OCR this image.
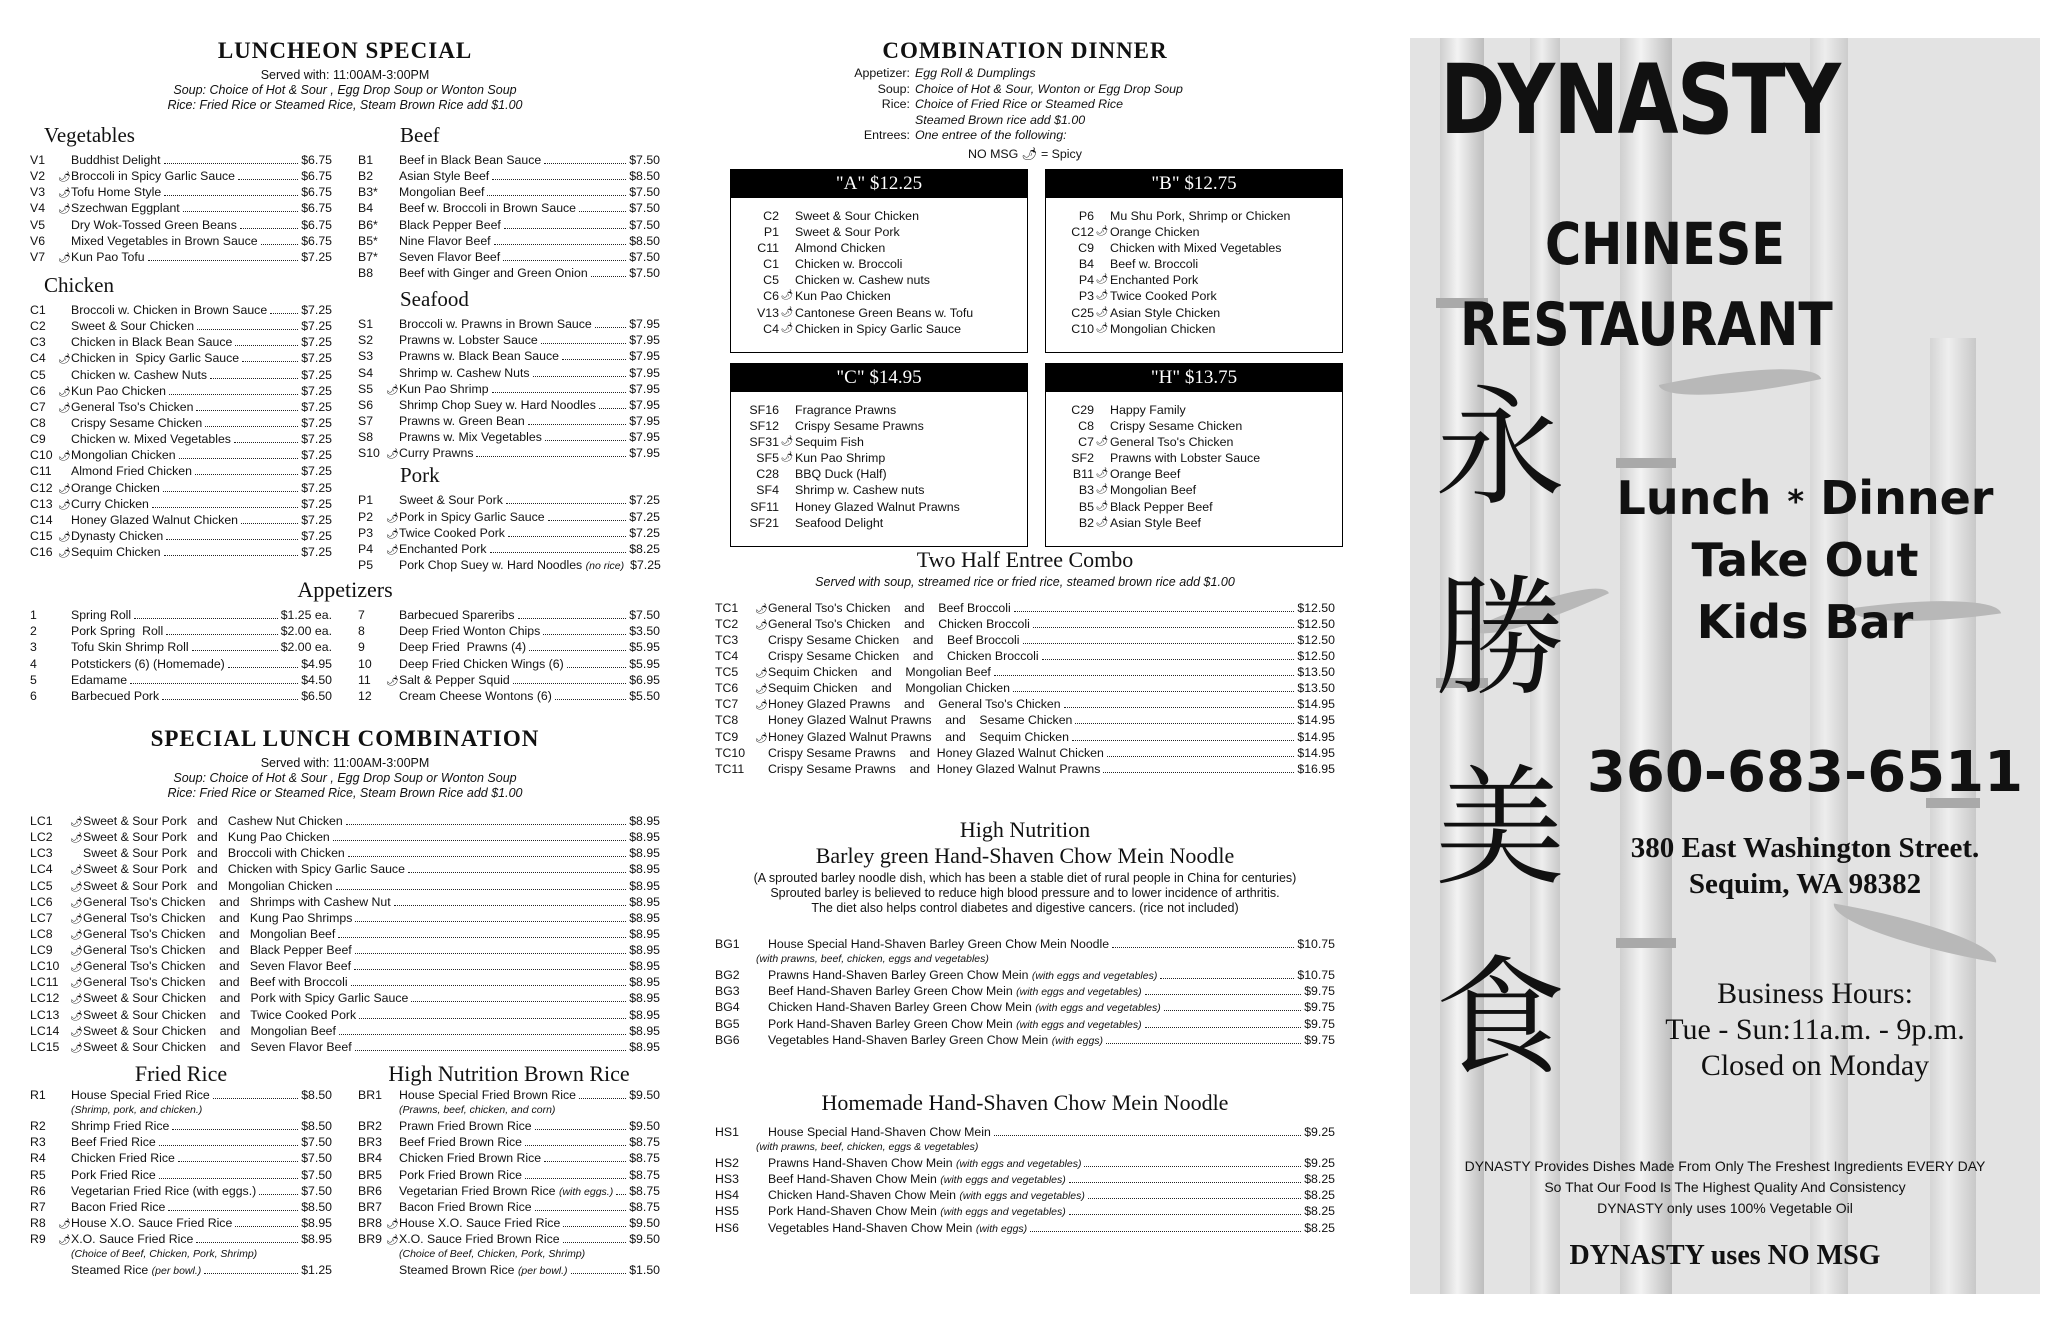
LUNCHEON SPECIAL
Served with: 11:00AM-3:00PM
Soup: Choice of Hot & Sour , Egg Drop Soup or Wonton Soup
Rice: Fried Rice or Steamed Rice, Steam Brown Rice add $1.00
Vegetables
V1	Buddhist Delight	$6.75
V2	🌶︎ Broccoli in Spicy Garlic Sauce	$6.75
V3	🌶︎ Tofu Home Style	$6.75
V4	🌶︎ Szechwan Eggplant	$6.75
V5	Dry Wok-Tossed Green Beans	$6.75
V6	Mixed Vegetables in Brown Sauce	$6.75
V7	🌶︎ Kun Pao Tofu	$7.25
Chicken
C1	Broccoli w. Chicken in Brown Sauce	$7.25
C2	Sweet & Sour Chicken	$7.25
C3	Chicken in Black Bean Sauce	$7.25
C4	🌶︎ Chicken in  Spicy Garlic Sauce	$7.25
C5	Chicken w. Cashew Nuts	$7.25
C6	🌶︎ Kun Pao Chicken	$7.25
C7	🌶︎ General Tso's Chicken	$7.25
C8	Crispy Sesame Chicken	$7.25
C9	Chicken w. Mixed Vegetables	$7.25
C10 🌶︎ Mongolian Chicken	$7.25
C11	Almond Fried Chicken	$7.25
C12 🌶︎ Orange Chicken	$7.25
C13 🌶︎ Curry Chicken	$7.25
C14	Honey Glazed Walnut Chicken	$7.25
C15 🌶︎ Dynasty Chicken	$7.25
C16 🌶︎ Sequim Chicken	$7.25
Beef
B1	Beef in Black Bean Sauce	$7.50
B2	Asian Style Beef	$8.50
B3*	Mongolian Beef	$7.50
B4	Beef w. Broccoli in Brown Sauce	$7.50
B6*	Black Pepper Beef	$7.50
B5*	Nine Flavor Beef	$8.50
B7*	Seven Flavor Beef	$7.50
B8	Beef with Ginger and Green Onion	$7.50
Seafood
S1	Broccoli w. Prawns in Brown Sauce	$7.95
S2	Prawns w. Lobster Sauce	$7.95
S3	Prawns w. Black Bean Sauce	$7.95
S4	Shrimp w. Cashew Nuts	$7.95
S5	🌶︎ Kun Pao Shrimp	$7.95
S6	Shrimp Chop Suey w. Hard Noodles	$7.95
S7	Prawns w. Green Bean	$7.95
S8	Prawns w. Mix Vegetables	$7.95
S10 🌶︎ Curry Prawns	$7.95
Pork
P1	Sweet & Sour Pork	$7.25
P2	🌶︎ Pork in Spicy Garlic Sauce	$7.25
P3	🌶︎ Twice Cooked Pork	$7.25
P4	🌶︎ Enchanted Pork	$8.25
P5	Pork Chop Suey w. Hard Noodles (no rice) $7.25
Appetizers
1	Spring Roll	$1.25 ea.
2	Pork Spring  Roll	$2.00 ea.
3	Tofu Skin Shrimp Roll	$2.00 ea.
4	Potstickers (6) (Homemade)	$4.95
5	Edamame	$4.50
6	Barbecued Pork	$6.50
7	Barbecued Spareribs	$7.50
8	Deep Fried Wonton Chips	$3.50
9	Deep Fried  Prawns (4)	$5.95
10	Deep Fried Chicken Wings (6)	$5.95
11	🌶︎ Salt & Pepper Squid	$6.95
12	Cream Cheese Wontons (6)	$5.50
SPECIAL LUNCH COMBINATION
Served with: 11:00AM-3:00PM
Soup: Choice of Hot & Sour , Egg Drop Soup or Wonton Soup
Rice: Fried Rice or Steamed Rice, Steam Brown Rice add $1.00
LC1	🌶︎ Sweet & Sour Pork   and   Cashew Nut Chicken	$8.95
LC2	🌶︎ Sweet & Sour Pork   and   Kung Pao Chicken	$8.95
LC3	Sweet & Sour Pork   and   Broccoli with Chicken	$8.95
LC4	🌶︎ Sweet & Sour Pork   and   Chicken with Spicy Garlic Sauce	$8.95
LC5	🌶︎ Sweet & Sour Pork   and   Mongolian Chicken	$8.95
LC6	🌶︎ General Tso's Chicken    and   Shrimps with Cashew Nut	$8.95
LC7	🌶︎ General Tso's Chicken    and   Kung Pao Shrimps	$8.95
LC8	🌶︎ General Tso's Chicken    and   Mongolian Beef	$8.95
LC9	🌶︎ General Tso's Chicken    and   Black Pepper Beef	$8.95
LC10	🌶︎ General Tso's Chicken    and   Seven Flavor Beef	$8.95
LC11	🌶︎ General Tso's Chicken    and   Beef with Broccoli	$8.95
LC12	🌶︎ Sweet & Sour Chicken    and   Pork with Spicy Garlic Sauce	$8.95
LC13	🌶︎ Sweet & Sour Chicken    and   Twice Cooked Pork	$8.95
LC14	🌶︎ Sweet & Sour Chicken    and   Mongolian Beef	$8.95
LC15	🌶︎ Sweet & Sour Chicken    and   Seven Flavor Beef	$8.95
Fried Rice
R1	House Special Fried Rice	$8.50
(Shrimp, pork, and chicken.)
R2	Shrimp Fried Rice	$8.50
R3	Beef Fried Rice	$7.50
R4	Chicken Fried Rice	$7.50
R5	Pork Fried Rice	$7.50
R6	Vegetarian Fried Rice (with eggs.)	$7.50
R7	Bacon Fried Rice	$8.50
R8	🌶︎ House X.O. Sauce Fried Rice	$8.95
R9	🌶︎ X.O. Sauce Fried Rice	$8.95
(Choice of Beef, Chicken, Pork, Shrimp)
Steamed Rice (per bowl.)	$1.25
High Nutrition Brown Rice
BR1	House Special Fried Brown Rice	$9.50
(Prawns, beef, chicken, and corn)
BR2	Prawn Fried Brown Rice	$9.50
BR3	Beef Fried Brown Rice	$8.75
BR4	Chicken Fried Brown Rice	$8.75
BR5	Pork Fried Brown Rice	$8.75
BR6	Vegetarian Fried Brown Rice (with eggs.) $8.75
BR7	Bacon Fried Brown Rice	$8.75
BR8 🌶︎ House X.O. Sauce Fried Rice	$9.50
BR9 🌶︎ X.O. Sauce Fried Brown Rice	$9.50
(Choice of Beef, Chicken, Pork, Shrimp)
Steamed Brown Rice (per bowl.)	$1.50
COMBINATION DINNER
Appetizer: Egg Roll & Dumplings
Soup: Choice of Hot & Sour, Wonton or Egg Drop Soup
Rice: Choice of Fried Rice or Steamed Rice
Steamed Brown rice add $1.00
Entrees: One entree of the following:
NO MSG 🌶︎ = Spicy
"A" $12.25
C2 Sweet & Sour Chicken
P1 Sweet & Sour Pork
C11 Almond Chicken
C1 Chicken w. Broccoli
C5 Chicken w. Cashew nuts
C6 🌶︎ Kun Pao Chicken
V13 🌶︎ Cantonese Green Beans w. Tofu
C4 🌶︎ Chicken in Spicy Garlic Sauce
"B" $12.75
P6 Mu Shu Pork, Shrimp or Chicken
C12 🌶︎ Orange Chicken
C9 Chicken with Mixed Vegetables
B4 Beef w. Broccoli
P4 🌶︎ Enchanted Pork
P3 🌶︎ Twice Cooked Pork
C25 🌶︎ Asian Style Chicken
C10 🌶︎ Mongolian Chicken
"C" $14.95
SF16 Fragrance Prawns
SF12 Crispy Sesame Prawns
SF31 🌶︎ Sequim Fish
SF5 🌶︎ Kun Pao Shrimp
C28 BBQ Duck (Half)
SF4 Shrimp w. Cashew nuts
SF11 Honey Glazed Walnut Prawns
SF21 Seafood Delight
"H" $13.75
C29 Happy Family
C8 Crispy Sesame Chicken
C7 🌶︎ General Tso's Chicken
SF2 Prawns with Lobster Sauce
B11 🌶︎ Orange Beef
B3 🌶︎ Mongolian Beef
B5 🌶︎ Black Pepper Beef
B2 🌶︎ Asian Style Beef
Two Half Entree Combo
Served with soup, streamed rice or fried rice, steamed brown rice add $1.00
TC1	🌶︎ General Tso's Chicken    and    Beef Broccoli	$12.50
TC2	🌶︎ General Tso's Chicken    and    Chicken Broccoli	$12.50
TC3	Crispy Sesame Chicken    and    Beef Broccoli	$12.50
TC4	Crispy Sesame Chicken    and    Chicken Broccoli	$12.50
TC5	🌶︎ Sequim Chicken    and    Mongolian Beef	$13.50
TC6	🌶︎ Sequim Chicken    and    Mongolian Chicken	$13.50
TC7	🌶︎ Honey Glazed Prawns    and    General Tso's Chicken	$14.95
TC8	Honey Glazed Walnut Prawns    and    Sesame Chicken	$14.95
TC9	🌶︎ Honey Glazed Walnut Prawns    and    Sequim Chicken	$14.95
TC10	Crispy Sesame Prawns    and  Honey Glazed Walnut Chicken	$14.95
TC11	Crispy Sesame Prawns    and  Honey Glazed Walnut Prawns	$16.95
High Nutrition
Barley green Hand-Shaven Chow Mein Noodle
(A sprouted barley noodle dish, which has been a stable diet of rural people in China for centuries)
Sprouted barley is believed to reduce high blood pressure and to lower incidence of arthritis.
The diet also helps control diabetes and digestive cancers. (rice not included)
BG1	House Special Hand-Shaven Barley Green Chow Mein Noodle	$10.75
(with prawns, beef, chicken, eggs and vegetables)
BG2	Prawns Hand-Shaven Barley Green Chow Mein (with eggs and vegetables)	$10.75
BG3	Beef Hand-Shaven Barley Green Chow Mein (with eggs and vegetables)	$9.75
BG4	Chicken Hand-Shaven Barley Green Chow Mein (with eggs and vegetables)	$9.75
BG5	Pork Hand-Shaven Barley Green Chow Mein (with eggs and vegetables)	$9.75
BG6	Vegetables Hand-Shaven Barley Green Chow Mein (with eggs)	$9.75
Homemade Hand-Shaven Chow Mein Noodle
HS1	House Special Hand-Shaven Chow Mein	$9.25
(with prawns, beef, chicken, eggs & vegetables)
HS2	Prawns Hand-Shaven Chow Mein (with eggs and vegetables)	$9.25
HS3	Beef Hand-Shaven Chow Mein (with eggs and vegetables)	$8.25
HS4	Chicken Hand-Shaven Chow Mein (with eggs and vegetables)	$8.25
HS5	Pork Hand-Shaven Chow Mein (with eggs and vegetables)	$8.25
HS6	Vegetables Hand-Shaven Chow Mein (with eggs)	$8.25
DYNASTY
CHINESE
RESTAURANT
永
勝
美
食
Lunch * Dinner
Take Out
Kids Bar
360-683-6511
380 East Washington Street.
Sequim, WA 98382
Business Hours:
Tue - Sun:11a.m. - 9p.m.
Closed on Monday
DYNASTY Provides Dishes Made From Only The Freshest Ingredients EVERY DAY
So That Our Food Is The Highest Quality And Consistency
DYNASTY only uses 100% Vegetable Oil
DYNASTY uses NO MSG
